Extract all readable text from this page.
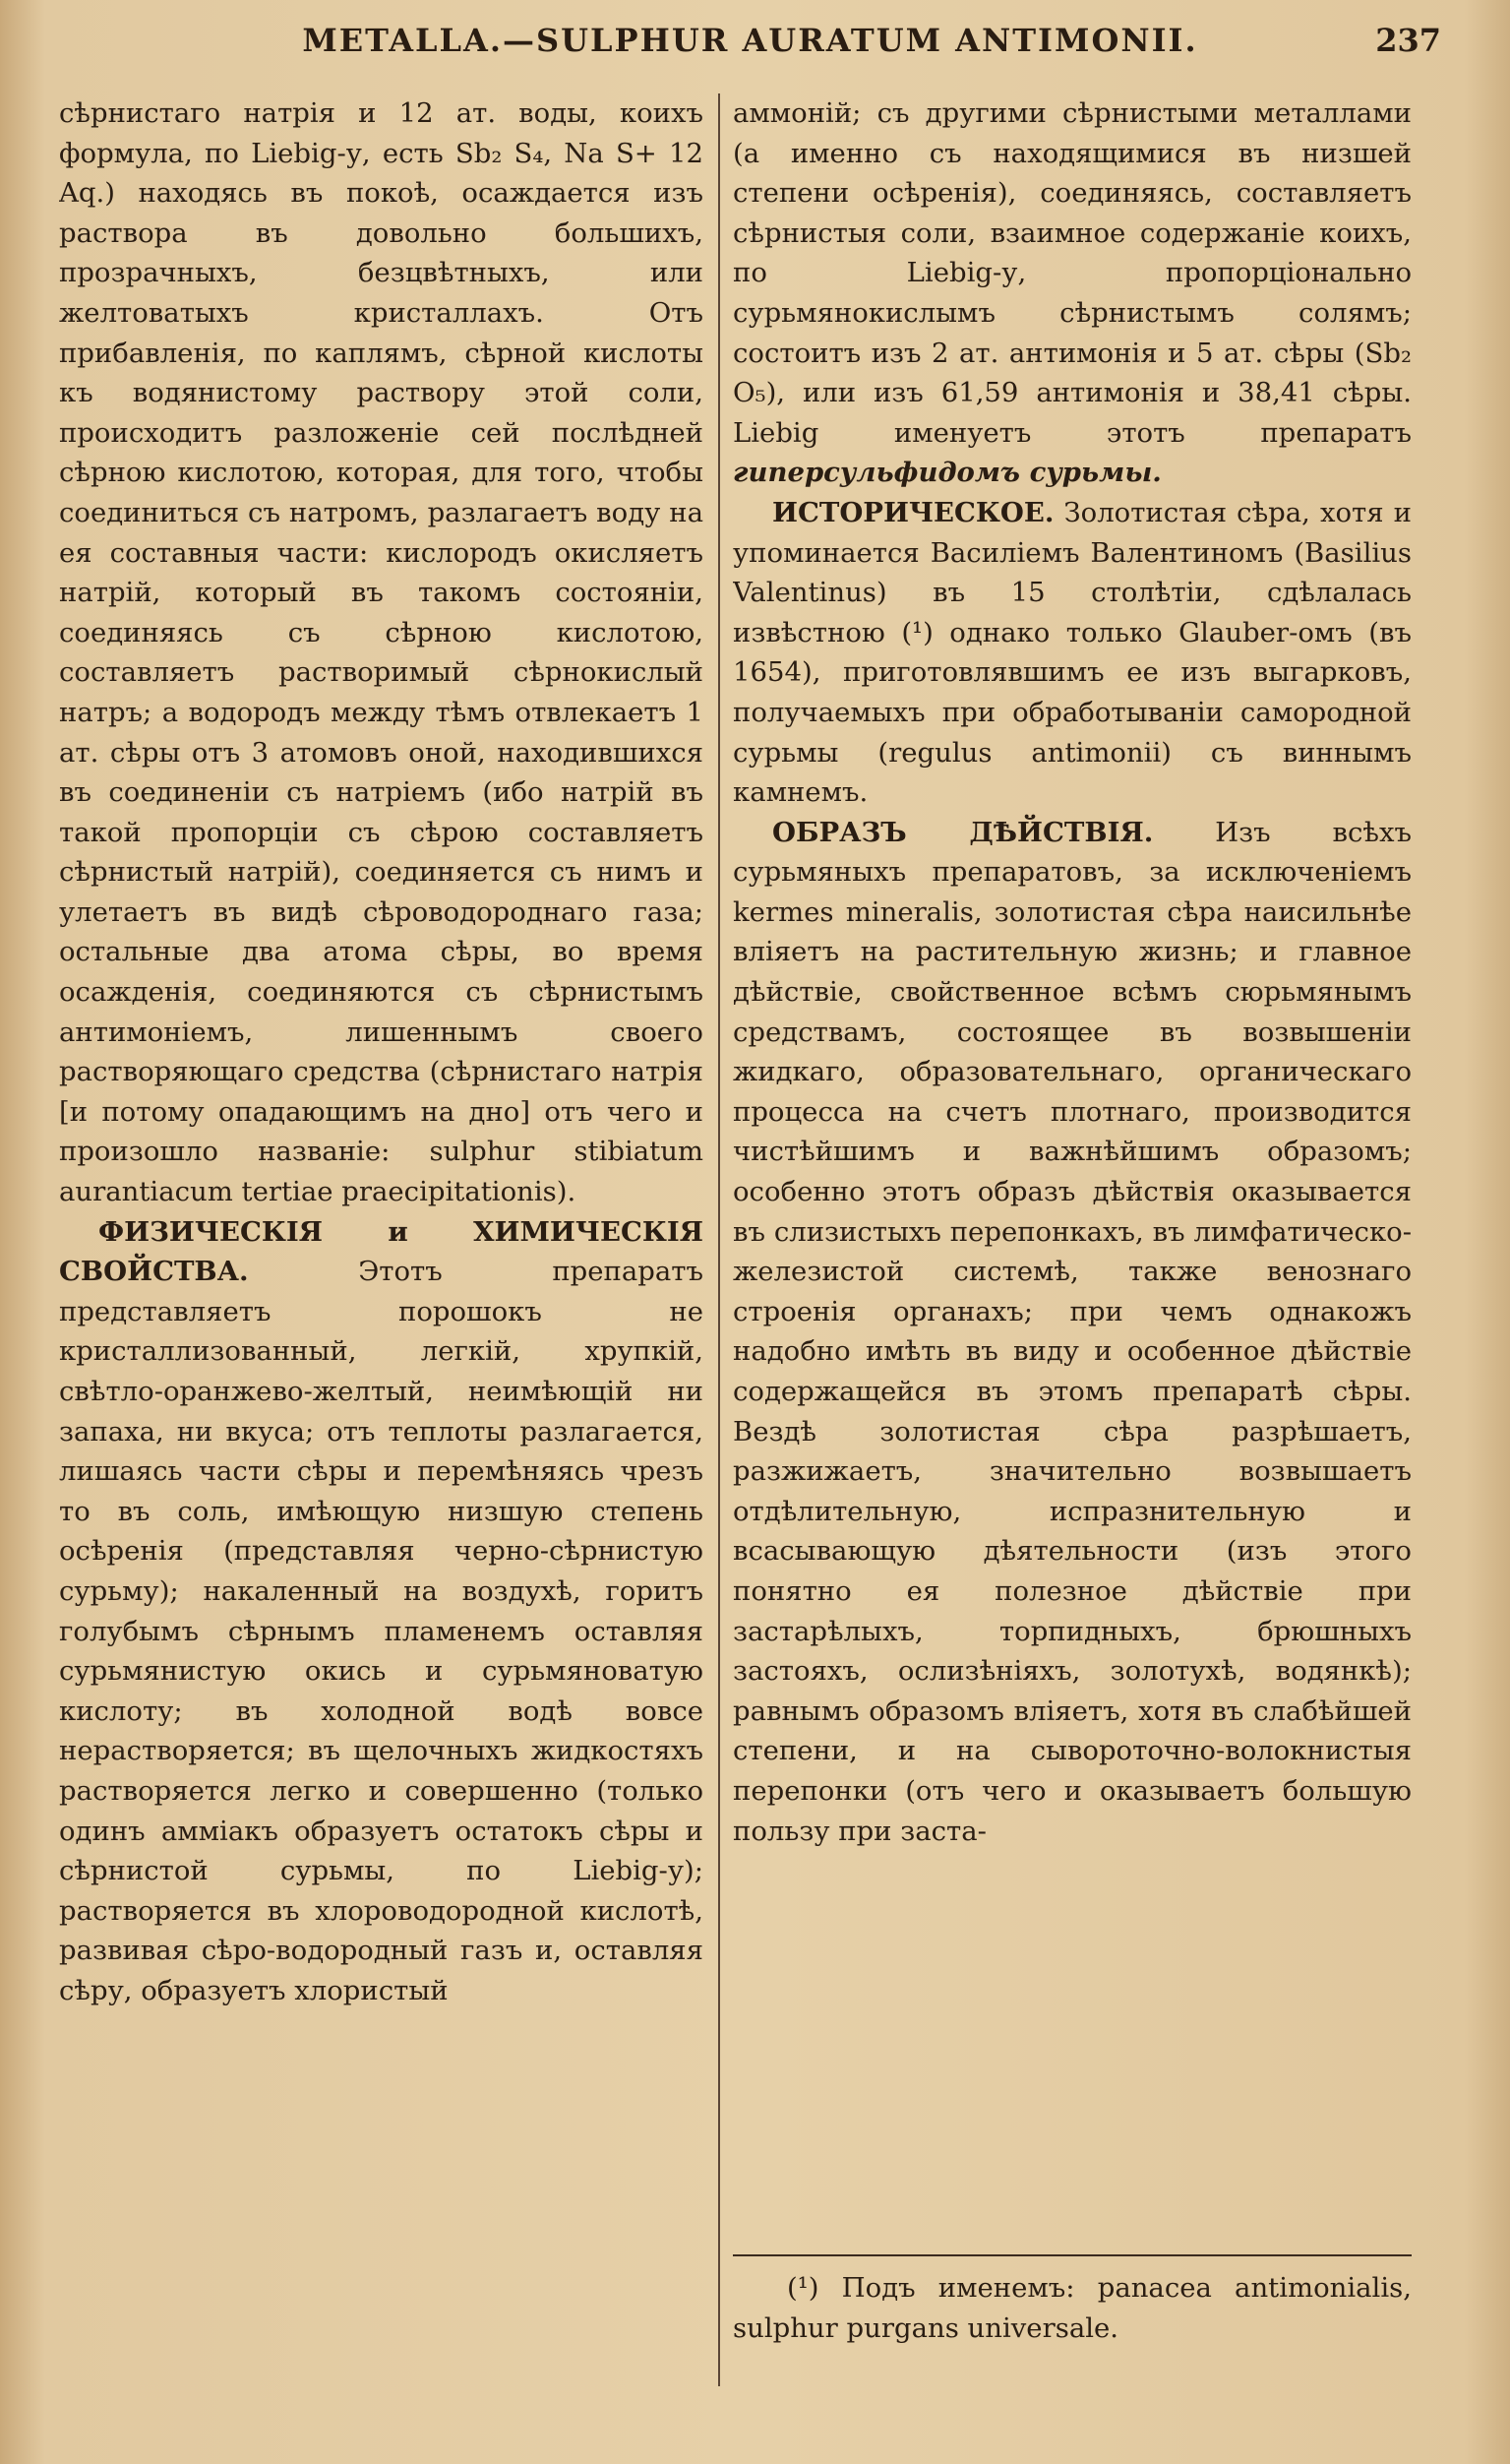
METALLA.—SULPHUR AURATUM ANTIMONII.	237

сѣрнистаго натрія и 12 ат. воды, коихъ формула, по Liebig-у, есть Sb₂ S₄, Na S+ 12 Aq.) находясь въ покоѣ, осаждается изъ раствора въ довольно большихъ, прозрачныхъ, безцвѣтныхъ, или желтоватыхъ кристаллахъ. Отъ прибавленія, по каплямъ, сѣрной кислоты къ водянистому раствору этой соли, происходитъ разложеніе сей послѣдней сѣрною кислотою, которая, для того, чтобы соединиться съ натромъ, разлагаетъ воду на ея составныя части: кислородъ окисляетъ натрій, который въ такомъ состояніи, соединяясь съ сѣрною кислотою, составляетъ растворимый сѣрнокислый натръ; а водородъ между тѣмъ отвлекаетъ 1 ат. сѣры отъ 3 атомовъ оной, находившихся въ соединеніи съ натріемъ (ибо натрій въ такой пропорціи съ сѣрою составляетъ сѣрнистый натрій), соединяется съ нимъ и улетаетъ въ видѣ сѣроводороднаго газа; остальные два атома сѣры, во время осажденія, соединяются съ сѣрнистымъ антимоніемъ, лишеннымъ своего растворяющаго средства (сѣрнистаго натрія [и потому опадающимъ на дно] отъ чего и произошло названіе: sulphur stibiatum aurantiacum tertiae praecipitationis).

ФИЗИЧЕСКІЯ и ХИМИЧЕСКІЯ СВОЙСТВА.	Этотъ препаратъ представляетъ порошокъ не кристаллизованный, легкій, хрупкій, свѣтло-оранжево-желтый, неимѣющій ни запаха, ни вкуса; отъ теплоты разлагается, лишаясь части сѣры и перемѣняясь чрезъ то въ соль, имѣющую низшую степень осѣренія (представляя черно-сѣрнистую сурьму); накаленный на воздухѣ, горитъ голубымъ сѣрнымъ пламенемъ оставляя сурьмянистую окись и сурьмяноватую кислоту; въ холодной водѣ вовсе нерастворяется; въ щелочныхъ жидкостяхъ растворяется легко и совершенно (только одинъ амміакъ образуетъ остатокъ сѣры и сѣрнистой сурьмы, по Liebig-у); растворяется въ хлороводородной кислотѣ, развивая сѣро-водородный газъ и, оставляя сѣру, образуетъ хлористый

аммоній; съ другими сѣрнистыми металлами (а именно съ находящимися въ низшей степени осѣренія), соединяясь, составляетъ сѣрнистыя соли, взаимное содержаніе коихъ, по Liebig-у, пропорціонально сурьмянокислымъ сѣрнистымъ солямъ; состоитъ изъ 2 ат. антимонія и 5 ат. сѣры (Sb₂ O₅), или изъ 61,59 антимонія и 38,41 сѣры. Liebig именуетъ этотъ препаратъ гиперсульфидомъ сурьмы.

ИСТОРИЧЕСКОЕ. Золотистая сѣра, хотя и упоминается Василіемъ Валентиномъ (Basilius Valentinus) въ 15 столѣтіи, сдѣлалась извѣстною (¹) однако только Glauber-омъ (въ 1654), приготовлявшимъ ее изъ выгарковъ, получаемыхъ при обработываніи самородной сурьмы (regulus antimonii) съ виннымъ камнемъ.

ОБРАЗЪ ДѢЙСТВІЯ. Изъ всѣхъ сурьмяныхъ препаратовъ, за исключеніемъ kermes mineralis, золотистая сѣра наисильнѣе вліяетъ на растительную жизнь; и главное дѣйствіе, свойственное всѣмъ сюрьмянымъ средствамъ, состоящее въ возвышеніи жидкаго, образовательнаго, органическаго процесса на счетъ плотнаго, производится чистѣйшимъ и важнѣйшимъ образомъ; особенно этотъ образъ дѣйствія оказывается въ слизистыхъ перепонкахъ, въ лимфатическо-железистой системѣ, также венознаго строенія органахъ; при чемъ однакожъ надобно имѣть въ виду и особенное дѣйствіе содержащейся въ этомъ препаратѣ сѣры. Вездѣ золотистая сѣра разрѣшаетъ, разжижаетъ, значительно возвышаетъ отдѣлительную, испразнительную и всасывающую дѣятельности (изъ этого понятно ея полезное дѣйствіе при застарѣлыхъ, торпидныхъ, брюшныхъ застояхъ, ослизѣніяхъ, золотухѣ, водянкѣ); равнымъ образомъ вліяетъ, хотя въ слабѣйшей степени, и на сывороточно-волокнистыя перепонки (отъ чего и оказываетъ большую пользу при заста-

(¹) Подъ именемъ: panacea antimonialis, sulphur purgans universale.
